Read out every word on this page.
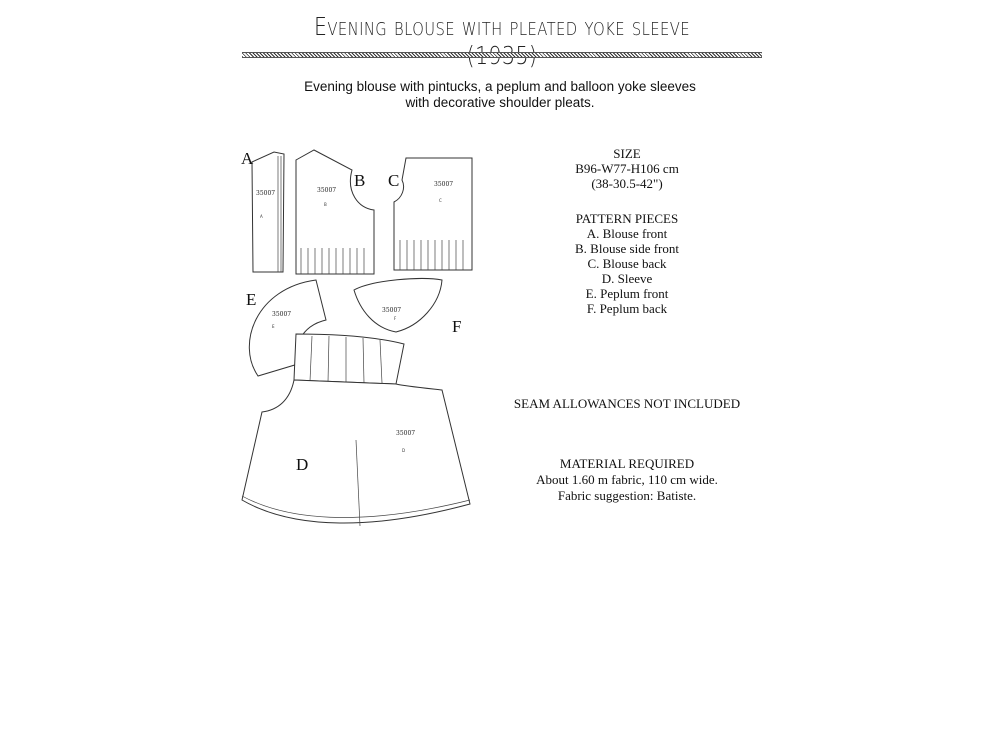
Evening blouse with pleated yoke sleeve
Evening blouse with pintucks, a peplum and balloon yoke sleeves
with decorative shoulder pleats.
35007
A
A
35007
B
B	35007
C
C
35007
E
E
35007
F	F
35007
D
D
SIZE
B96-W77-H106 cm
(38-30.5-42")
PATTERN PIECES
A. Blouse front
B. Blouse side front
C. Blouse back
D. Sleeve
E. Peplum front
F. Peplum back
SEAM ALLOWANCES NOT INCLUDED
MATERIAL REQUIRED
About 1.60 m fabric, 110 cm wide.
Fabric suggestion: Batiste.
